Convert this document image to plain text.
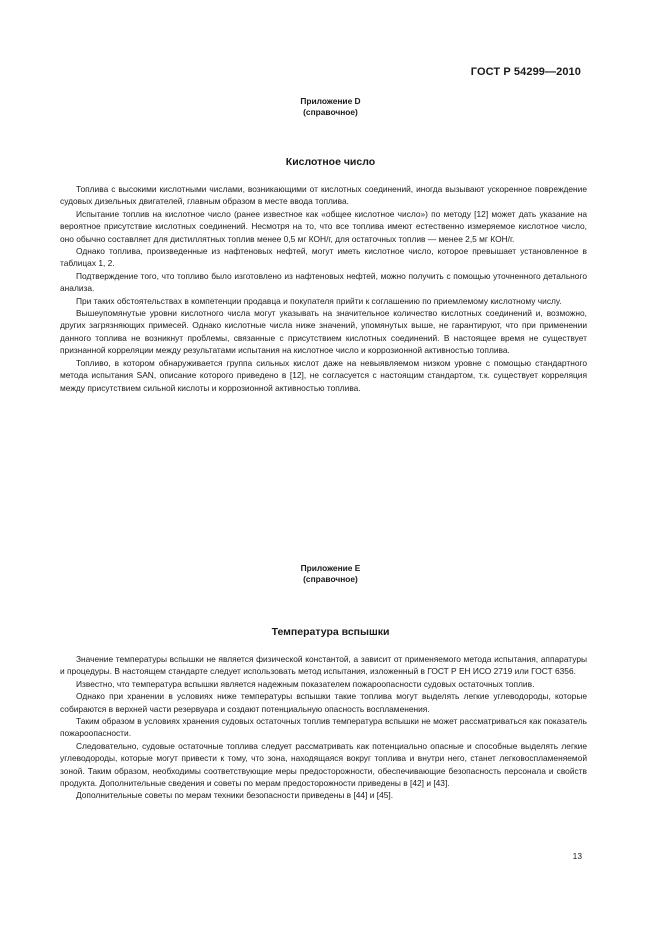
ГОСТ Р 54299—2010
Приложение D
(справочное)
Кислотное число

Топлива с высокими кислотными числами, возникающими от кислотных соединений, иногда вызывают ускоренное повреждение судовых дизельных двигателей, главным образом в месте ввода топлива.

Испытание топлив на кислотное число (ранее известное как «общее кислотное число») по методу [12] может дать указание на вероятное присутствие кислотных соединений. Несмотря на то, что все топлива имеют естественно измеряемое кислотное число, оно обычно составляет для дистиллятных топлив менее 0,5 мг КОН/г, для остаточных топлив — менее 2,5 мг КОН/г.

Однако топлива, произведенные из нафтеновых нефтей, могут иметь кислотное число, которое превышает установленное в таблицах 1, 2.

Подтверждение того, что топливо было изготовлено из нафтеновых нефтей, можно получить с помощью уточненного детального анализа.

При таких обстоятельствах в компетенции продавца и покупателя прийти к соглашению по приемлемому кислотному числу.

Вышеупомянутые уровни кислотного числа могут указывать на значительное количество кислотных соединений и, возможно, других загрязняющих примесей. Однако кислотные числа ниже значений, упомянутых выше, не гарантируют, что при применении данного топлива не возникнут проблемы, связанные с присутствием кислотных соединений. В настоящее время не существует признанной корреляции между результатами испытания на кислотное число и коррозионной активностью топлива.

Топливо, в котором обнаруживается группа сильных кислот даже на невыявляемом низком уровне с помощью стандартного метода испытания SAN, описание которого приведено в [12], не согласуется с настоящим стандартом, т.к. существует корреляция между присутствием сильной кислоты и коррозионной активностью топлива.

Приложение E
(справочное)
Температура вспышки

Значение температуры вспышки не является физической константой, а зависит от применяемого метода испытания, аппаратуры и процедуры. В настоящем стандарте следует использовать метод испытания, изложенный в ГОСТ Р ЕН ИСО 2719 или ГОСТ 6356.

Известно, что температура вспышки является надежным показателем пожароопасности судовых остаточных топлив.

Однако при хранении в условиях ниже температуры вспышки такие топлива могут выделять легкие углеводороды, которые собираются в верхней части резервуара и создают потенциальную опасность воспламенения.

Таким образом в условиях хранения судовых остаточных топлив температура вспышки не может рассматриваться как показатель пожароопасности.

Следовательно, судовые остаточные топлива следует рассматривать как потенциально опасные и способные выделять легкие углеводороды, которые могут привести к тому, что зона, находящаяся вокруг топлива и внутри него, станет легковоспламеняемой зоной. Таким образом, необходимы соответствующие меры предосторожности, обеспечивающие безопасность персонала и свойств продукта. Дополнительные сведения и советы по мерам предосторожности приведены в [42] и [43].

Дополнительные советы по мерам техники безопасности приведены в [44] и [45].

13
